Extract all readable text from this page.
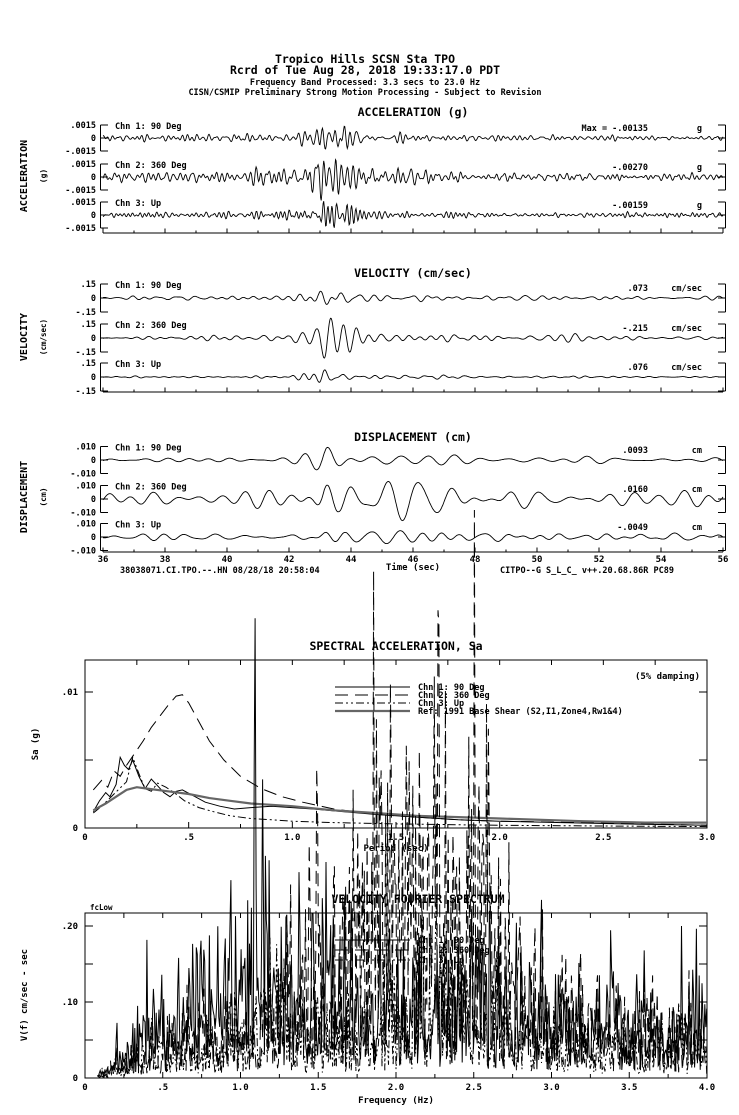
Tropico Hills SCSN Sta TPO
Rcrd of Tue Aug 28, 2018 19:33:17.0 PDT
Frequency Band Processed: 3.3 secs to 23.0 Hz
CISN/CSMIP Preliminary Strong Motion Processing - Subject to Revision
ACCELERATION (g)
VELOCITY (cm/sec)
DISPLACEMENT (cm)
ACCELERATION (g)
VELOCITY (cm/sec)
DISPLACEMENT (cm)
.0015
0
-.0015
Chn 1: 90 Deg	Max = -.00135	g
.0015
0
-.0015
Chn 2: 360 Deg	-.00270	g
.0015
0
-.0015
Chn 3: Up	-.00159	g
.15
0
-.15
Chn 1: 90 Deg	.073	cm/sec
.15
0
-.15
Chn 2: 360 Deg	-.215	cm/sec
.15
0
-.15
Chn 3: Up	.076	cm/sec
.010
0
-.010
Chn 1: 90 Deg	.0093	cm
.010
0
-.010
Chn 2: 360 Deg	.0160	cm
.010
0
-.010
Chn 3: Up	-.0049	cm
36	38	40	42	44	46	48	50	52	54	56
Time (sec)
38038071.CI.TPO.--.HN 08/28/18 20:58:04	CITPO--G S_L_C_ v++.20.68.86R PC89
SPECTRAL ACCELERATION, Sa
(5% damping)
Sa (g)
Period (sec)
Chn 1: 90 Deg
Chn 2: 360 Deg
Chn 3: Up
Ref: 1991 Base Shear (S2,I1,Zone4,Rw1&4)
.01
0
0	.5	1.0	1.5	2.0	2.5	3.0
VELOCITY FOURIER SPECTRUM
fcLow
V(f) cm/sec - sec
Frequency (Hz)
Chn 1: 90 Deg
Chn 2: 360 Deg
Chn 3: Up
.20
.10
0
0	.5	1.0	1.5	2.0	2.5	3.0	3.5	4.0
